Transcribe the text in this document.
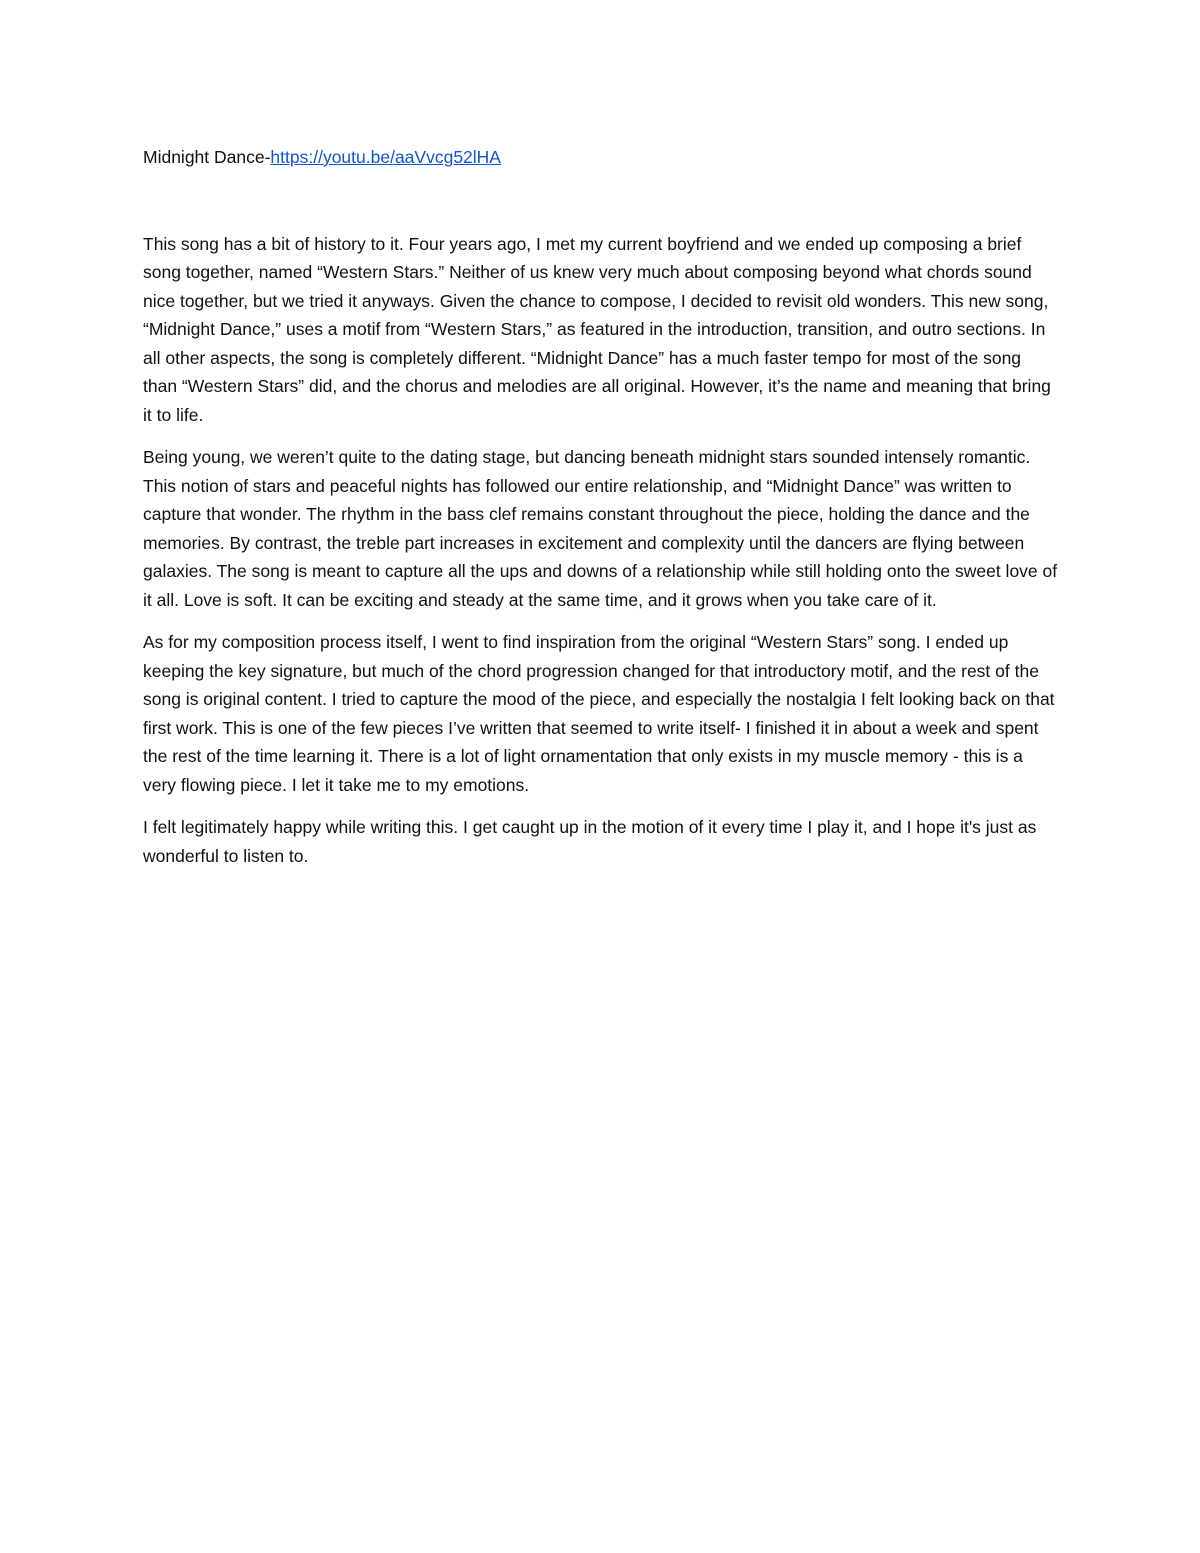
Midnight Dance-https://youtu.be/aaVvcg52lHA

This song has a bit of history to it. Four years ago, I met my current boyfriend and we ended up composing a brief song together, named “Western Stars.” Neither of us knew very much about composing beyond what chords sound nice together, but we tried it anyways. Given the chance to compose, I decided to revisit old wonders. This new song, “Midnight Dance,” uses a motif from “Western Stars,” as featured in the introduction, transition, and outro sections. In all other aspects, the song is completely different. “Midnight Dance” has a much faster tempo for most of the song than “Western Stars” did, and the chorus and melodies are all original. However, it’s the name and meaning that bring it to life.

Being young, we weren’t quite to the dating stage, but dancing beneath midnight stars sounded intensely romantic. This notion of stars and peaceful nights has followed our entire relationship, and “Midnight Dance” was written to capture that wonder. The rhythm in the bass clef remains constant throughout the piece, holding the dance and the memories. By contrast, the treble part increases in excitement and complexity until the dancers are flying between galaxies. The song is meant to capture all the ups and downs of a relationship while still holding onto the sweet love of it all. Love is soft. It can be exciting and steady at the same time, and it grows when you take care of it.

As for my composition process itself, I went to find inspiration from the original “Western Stars” song. I ended up keeping the key signature, but much of the chord progression changed for that introductory motif, and the rest of the song is original content. I tried to capture the mood of the piece, and especially the nostalgia I felt looking back on that first work. This is one of the few pieces I’ve written that seemed to write itself- I finished it in about a week and spent the rest of the time learning it. There is a lot of light ornamentation that only exists in my muscle memory - this is a very flowing piece. I let it take me to my emotions.

I felt legitimately happy while writing this. I get caught up in the motion of it every time I play it, and I hope it's just as wonderful to listen to.
